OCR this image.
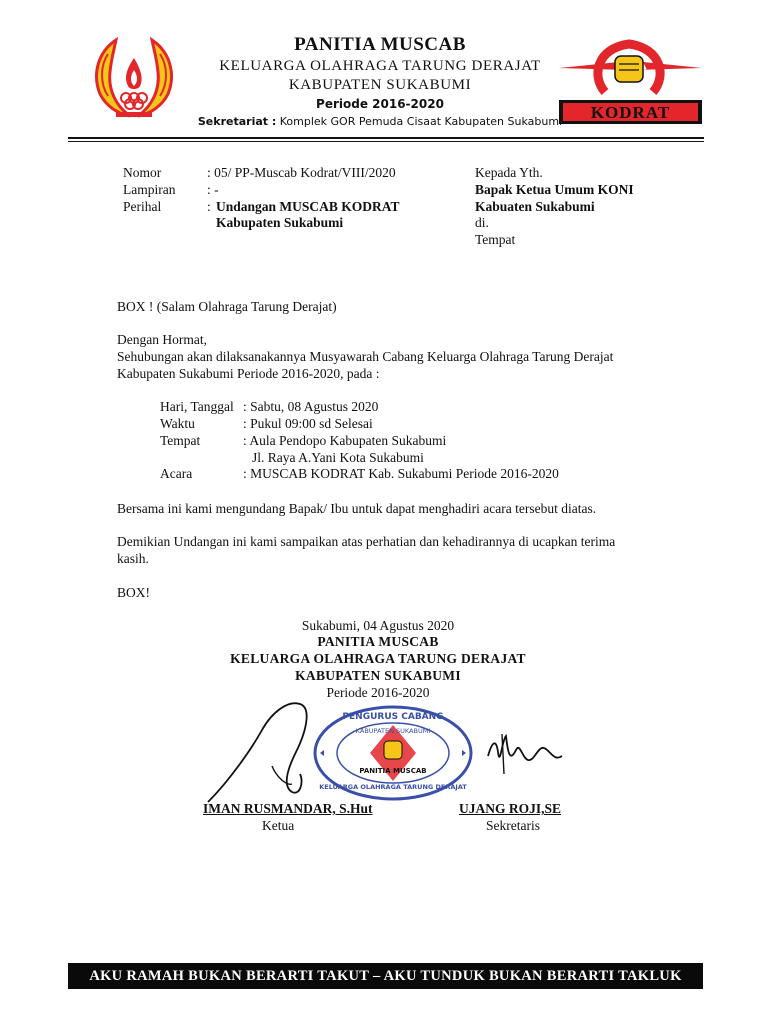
KODRAT
PANITIA MUSCAB
KELUARGA OLAHRAGA TARUNG DERAJAT
KABUPATEN SUKABUMI
Periode 2016-2020
Sekretariat : Komplek GOR Pemuda Cisaat Kabupaten Sukabumi
Nomor	: 05/ PP-Muscab Kodrat/VIII/2020
Lampiran : -
Perihal	: Undangan MUSCAB KODRAT
Kabupaten Sukabumi
Kepada Yth.
Bapak Ketua Umum KONI
Kabuaten Sukabumi
di.
Tempat
BOX ! (Salam Olahraga Tarung Derajat)
Dengan Hormat,
Sehubungan akan dilaksanakannya Musyawarah Cabang Keluarga Olahraga Tarung Derajat
Kabupaten Sukabumi Periode 2016-2020, pada :
Hari, Tanggal : Sabtu, 08 Agustus 2020
Waktu	: Pukul 09:00 sd Selesai
Tempat	: Aula Pendopo Kabupaten Sukabumi
Jl. Raya A.Yani Kota Sukabumi
Acara	: MUSCAB KODRAT Kab. Sukabumi Periode 2016-2020
Bersama ini kami mengundang Bapak/ Ibu untuk dapat menghadiri acara tersebut diatas.
Demikian Undangan ini kami sampaikan atas perhatian dan kehadirannya di ucapkan terima
kasih.
BOX!
Sukabumi, 04 Agustus 2020
PANITIA MUSCAB
KELUARGA OLAHRAGA TARUNG DERAJAT
KABUPATEN SUKABUMI
Periode 2016-2020
PENGURUS CABANG
KABUPATEN SUKABUMI
PANITIA MUSCAB
KELUARGA OLAHRAGA TARUNG DERAJAT
IMAN RUSMANDAR, S.Hut
Ketua
UJANG ROJI,SE
Sekretaris
AKU RAMAH BUKAN BERARTI TAKUT – AKU TUNDUK BUKAN BERARTI TAKLUK
